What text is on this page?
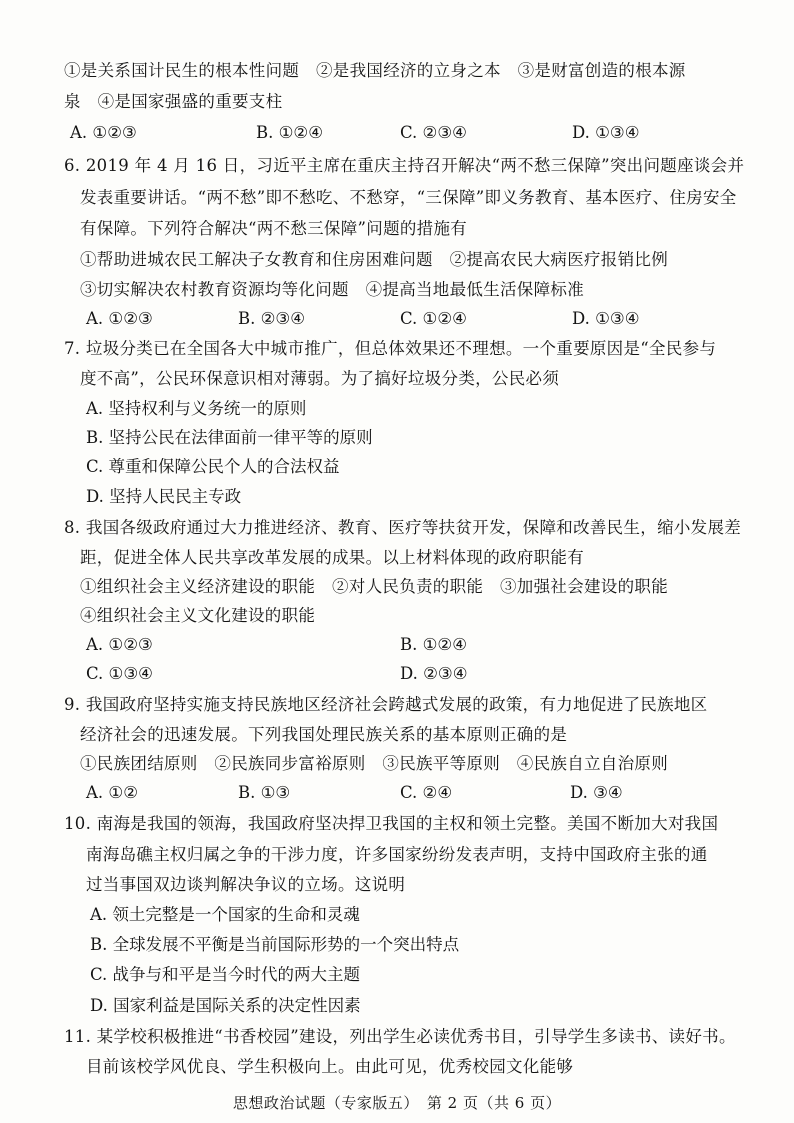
①是关系国计民生的根本性问题　②是我国经济的立身之本　③是财富创造的根本源
泉　④是国家强盛的重要支柱
A. ①②③	B. ①②④	C. ②③④	D. ①③④
6. 2019 年 4 月 16 日，习近平主席在重庆主持召开解决“两不愁三保障”突出问题座谈会并
发表重要讲话。“两不愁”即不愁吃、不愁穿，“三保障”即义务教育、基本医疗、住房安全
有保障。下列符合解决“两不愁三保障”问题的措施有
①帮助进城农民工解决子女教育和住房困难问题　②提高农民大病医疗报销比例
③切实解决农村教育资源均等化问题　④提高当地最低生活保障标准
A. ①②③	B. ②③④	C. ①②④	D. ①③④
7. 垃圾分类已在全国各大中城市推广，但总体效果还不理想。一个重要原因是“全民参与
度不高”，公民环保意识相对薄弱。为了搞好垃圾分类，公民必须
A. 坚持权利与义务统一的原则
B. 坚持公民在法律面前一律平等的原则
C. 尊重和保障公民个人的合法权益
D. 坚持人民民主专政
8. 我国各级政府通过大力推进经济、教育、医疗等扶贫开发，保障和改善民生，缩小发展差
距，促进全体人民共享改革发展的成果。以上材料体现的政府职能有
①组织社会主义经济建设的职能　②对人民负责的职能　③加强社会建设的职能
④组织社会主义文化建设的职能
A. ①②③	B. ①②④
C. ①③④	D. ②③④
9. 我国政府坚持实施支持民族地区经济社会跨越式发展的政策，有力地促进了民族地区
经济社会的迅速发展。下列我国处理民族关系的基本原则正确的是
①民族团结原则　②民族同步富裕原则　③民族平等原则　④民族自立自治原则
A. ①②	B. ①③	C. ②④	D. ③④
10. 南海是我国的领海，我国政府坚决捍卫我国的主权和领土完整。美国不断加大对我国
南海岛礁主权归属之争的干涉力度，许多国家纷纷发表声明，支持中国政府主张的通
过当事国双边谈判解决争议的立场。这说明
A. 领土完整是一个国家的生命和灵魂
B. 全球发展不平衡是当前国际形势的一个突出特点
C. 战争与和平是当今时代的两大主题
D. 国家利益是国际关系的决定性因素
11. 某学校积极推进“书香校园”建设，列出学生必读优秀书目，引导学生多读书、读好书。
目前该校学风优良、学生积极向上。由此可见，优秀校园文化能够
思想政治试题（专家版五）　第 2 页（共 6 页）
